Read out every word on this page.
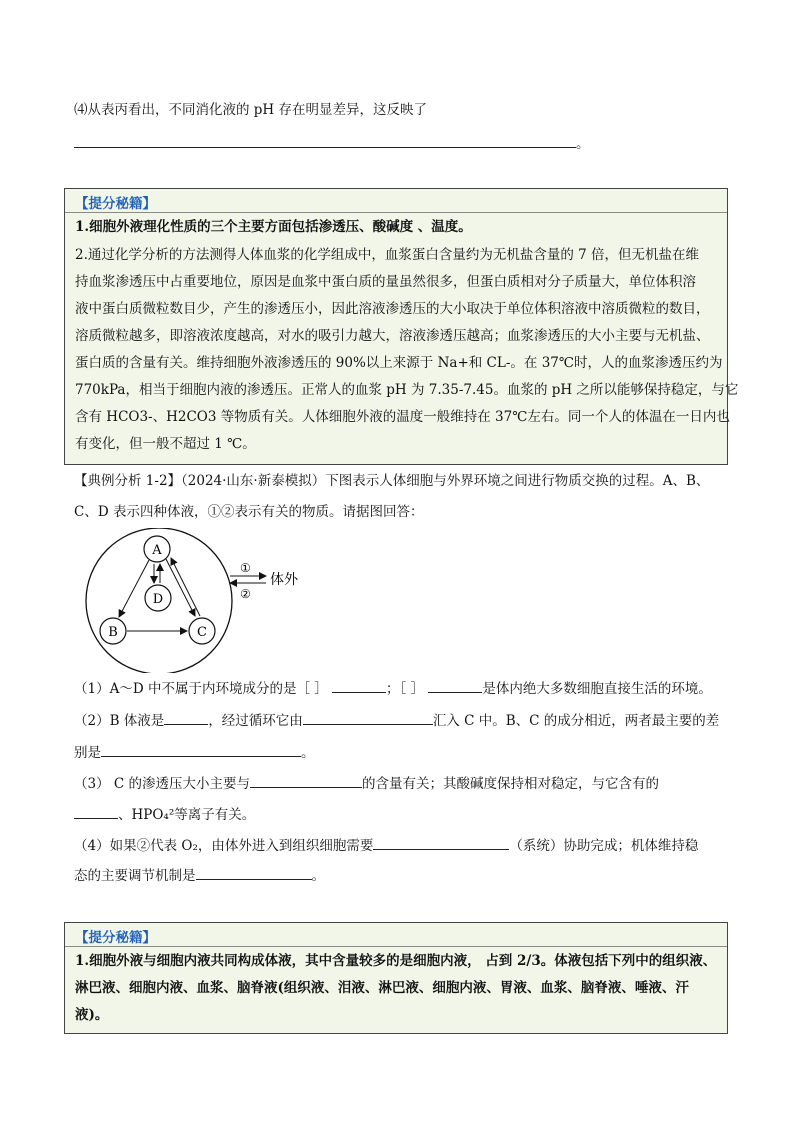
⑷从表丙看出，不同消化液的 pH 存在明显差异，这反映了
。
【提分秘籍】
1.细胞外液理化性质的三个主要方面包括渗透压、酸碱度 、温度。
2.通过化学分析的方法测得人体血浆的化学组成中，血浆蛋白含量约为无机盐含量的 7 倍，但无机盐在维
持血浆渗透压中占重要地位，原因是血浆中蛋白质的量虽然很多，但蛋白质相对分子质量大，单位体积溶
液中蛋白质微粒数目少，产生的渗透压小，因此溶液渗透压的大小取决于单位体积溶液中溶质微粒的数目，
溶质微粒越多，即溶液浓度越高，对水的吸引力越大，溶液渗透压越高；血浆渗透压的大小主要与无机盐、
蛋白质的含量有关。维持细胞外液渗透压的 90%以上来源于 Na+和 CL-。在 37℃时，人的血浆渗透压约为
770kPa，相当于细胞内液的渗透压。正常人的血浆 pH 为 7.35-7.45。血浆的 pH 之所以能够保持稳定，与它
含有 HCO3-、H2CO3 等物质有关。人体细胞外液的温度一般维持在 37℃左右。同一个人的体温在一日内也
有变化，但一般不超过 1 ℃。
【典例分析 1-2】（2024·山东·新泰模拟）下图表示人体细胞与外界环境之间进行物质交换的过程。A、B、
C、D 表示四种体液，①②表示有关的物质。请据图回答：
A
D
B	C
①
②
体外
（1）A～D 中不属于内环境成分的是［ ］	；［ ］	是体内绝大多数细胞直接生活的环境。
（2）B 体液是	，经过循环它由	汇入 C 中。B、C 的成分相近，两者最主要的差
别是	。
（3） C 的渗透压大小主要与	的含量有关；其酸碱度保持相对稳定，与它含有的
、HPO₄²等离子有关。
（4）如果②代表 O₂，由体外进入到组织细胞需要	（系统）协助完成；机体维持稳
态的主要调节机制是	。
【提分秘籍】
1.细胞外液与细胞内液共同构成体液，其中含量较多的是细胞内液， 占到 2/3。体液包括下列中的组织液、
淋巴液、细胞内液、血浆、脑脊液(组织液、泪液、淋巴液、细胞内液、胃液、血浆、脑脊液、唾液、汗
液)。
